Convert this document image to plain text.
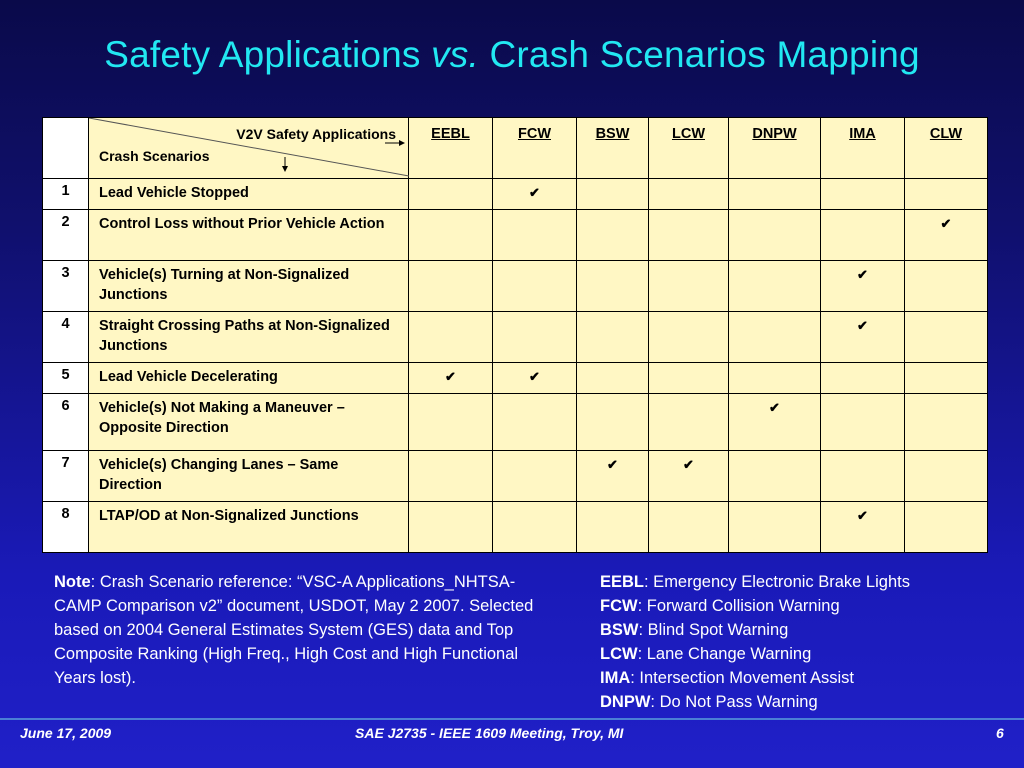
Safety Applications vs. Crash Scenarios Mapping

	V2V Safety Applications
Crash Scenarios	EEBL	FCW	BSW	LCW	DNPW	IMA	CLW
1	Lead Vehicle Stopped		✔					
2	Control Loss without Prior Vehicle Action							✔
3	Vehicle(s) Turning at Non-Signalized Junctions						✔	
4	Straight Crossing Paths at Non-Signalized Junctions						✔	
5	Lead Vehicle Decelerating	✔	✔					
6	Vehicle(s) Not Making a Maneuver – Opposite Direction					✔		
7	Vehicle(s) Changing Lanes – Same Direction			✔	✔			
8	LTAP/OD at Non-Signalized Junctions						✔	
Note: Crash Scenario reference: “VSC-A Applications_NHTSA-CAMP Comparison v2” document, USDOT, May 2 2007. Selected based on 2004 General Estimates System (GES) data and Top Composite Ranking (High Freq., High Cost and High Functional Years lost).
EEBL: Emergency Electronic Brake Lights
FCW: Forward Collision Warning
BSW: Blind Spot Warning
LCW: Lane Change Warning
IMA: Intersection Movement Assist
DNPW: Do Not Pass Warning
June 17, 2009	SAE J2735 - IEEE 1609 Meeting, Troy, MI	6
